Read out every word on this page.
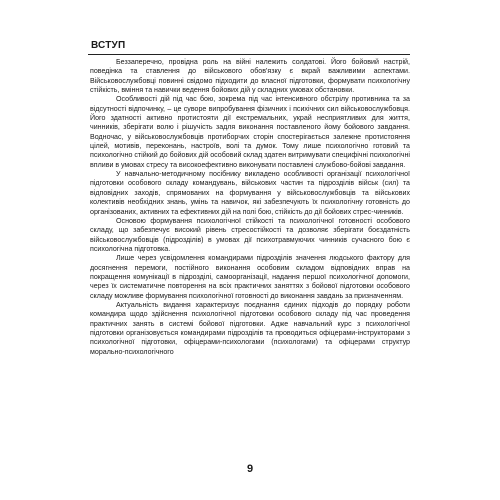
ВСТУП

Беззаперечно, провідна роль на війні належить солдатові. Його бойовий настрій, поведінка та ставлення до військового обов'язку є вкрай важливими аспектами. Військовослужбовці повинні свідомо підходити до власної підготовки, формувати психологічну стійкість, вміння та навички ведення бойових дій у складних умовах обстановки.

Особливості дій під час бою, зокрема під час інтенсивного обстрілу противника та за відсутності відпочинку, – це суворе випробування фізичних і психічних сил військовослужбовця. Його здатності активно протистояти дії екстремальних, украй несприятливих для життя, чинників, зберігати волю і рішучість задля виконання поставленого йому бойового завдання. Водночас, у військовослужбовців протиборчих сторін спостерігається залежне протистояння цілей, мотивів, переконань, настроїв, волі та думок. Тому лише психологічно готовий та психологічно стійкий до бойових дій особовий склад здатен витримувати специфічні психологічні впливи в умовах стресу та високоефективно виконувати поставлені службово-бойові завдання.

У навчально-методичному посібнику викладено особливості організації психологічної підготовки особового складу командувань, військових частин та підрозділів військ (сил) та відповідних заходів, спрямованих на формування у військовослужбовців та військових колективів необхідних знань, умінь та навичок, які забезпечують їх психологічну готовність до організованих, активних та ефективних дій на полі бою, стійкість до дії бойових стрес-чинників.

Основою формування психологічної стійкості та психологічної готовності особового складу, що забезпечує високий рівень стресостійкості та дозволяє зберігати боєздатність військовослужбовців (підрозділів) в умовах дії психотравмуючих чинників сучасного бою є психологічна підготовка.

Лише через усвідомлення командирами підрозділів значення людського фактору для досягнення перемоги, постійного виконання особовим складом відповідних вправ на покращення комунікації в підрозділі, самоорганізації, надання першої психологічної допомоги, через їх систематичне повторення на всіх практичних заняттях з бойової підготовки особового складу можливе формування психологічної готовності до виконання завдань за призначенням.

Актуальність видання характеризує поєднання єдиних підходів до порядку роботи командира щодо здійснення психологічної підготовки особового складу під час проведення практичних занять в системі бойової підготовки. Адже навчальний курс з психологічної підготовки організовується командирами підрозділів та проводиться офіцерами-інструкторами з психологічної підготовки, офіцерами-психологами (психологами) та офіцерами структур морально-психологічного

9
